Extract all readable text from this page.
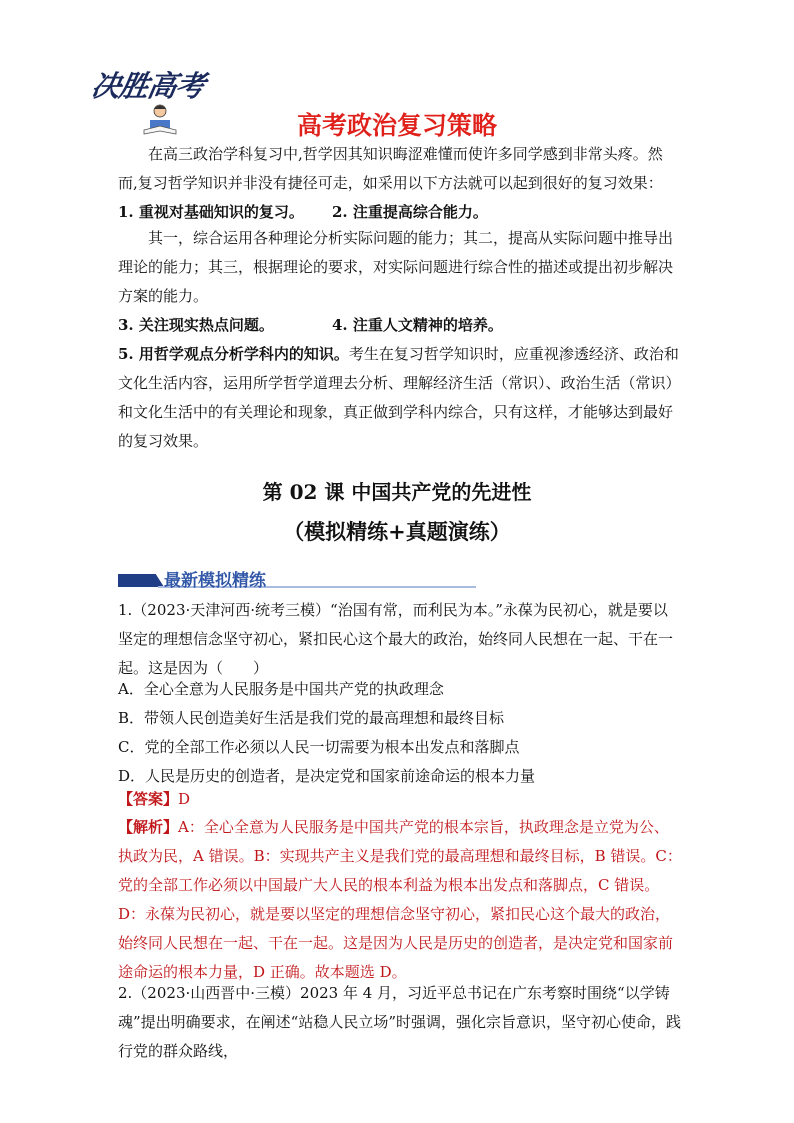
决胜高考
高考政治复习策略

在高三政治学科复习中,哲学因其知识晦涩难懂而使许多同学感到非常头疼。然而,复习哲学知识并非没有捷径可走，如采用以下方法就可以起到很好的复习效果：

1. 重视对基础知识的复习。 2. 注重提高综合能力。

其一，综合运用各种理论分析实际问题的能力；其二，提高从实际问题中推导出理论的能力；其三，根据理论的要求，对实际问题进行综合性的描述或提出初步解决方案的能力。

3. 关注现实热点问题。	4. 注重人文精神的培养。

5. 用哲学观点分析学科内的知识。考生在复习哲学知识时，应重视渗透经济、政治和文化生活内容，运用所学哲学道理去分析、理解经济生活（常识）、政治生活（常识）和文化生活中的有关理论和现象，真正做到学科内综合，只有这样，才能够达到最好的复习效果。

第 02 课 中国共产党的先进性
（模拟精练+真题演练）
最新模拟精练

1.（2023·天津河西·统考三模）“治国有常，而利民为本。”永葆为民初心，就是要以坚定的理想信念坚守初心，紧扣民心这个最大的政治，始终同人民想在一起、干在一起。这是因为（　　）

A．全心全意为人民服务是中国共产党的执政理念
B．带领人民创造美好生活是我们党的最高理想和最终目标
C．党的全部工作必须以人民一切需要为根本出发点和落脚点
D．人民是历史的创造者，是决定党和国家前途命运的根本力量
【答案】D

【解析】A：全心全意为人民服务是中国共产党的根本宗旨，执政理念是立党为公、执政为民，A 错误。B：实现共产主义是我们党的最高理想和最终目标，B 错误。C：党的全部工作必须以中国最广大人民的根本利益为根本出发点和落脚点，C 错误。D：永葆为民初心，就是要以坚定的理想信念坚守初心，紧扣民心这个最大的政治，始终同人民想在一起、干在一起。这是因为人民是历史的创造者，是决定党和国家前途命运的根本力量，D 正确。故本题选 D。

2.（2023·山西晋中·三模）2023 年 4 月，习近平总书记在广东考察时围绕“以学铸魂”提出明确要求，在阐述“站稳人民立场”时强调，强化宗旨意识，坚守初心使命，践行党的群众路线，
